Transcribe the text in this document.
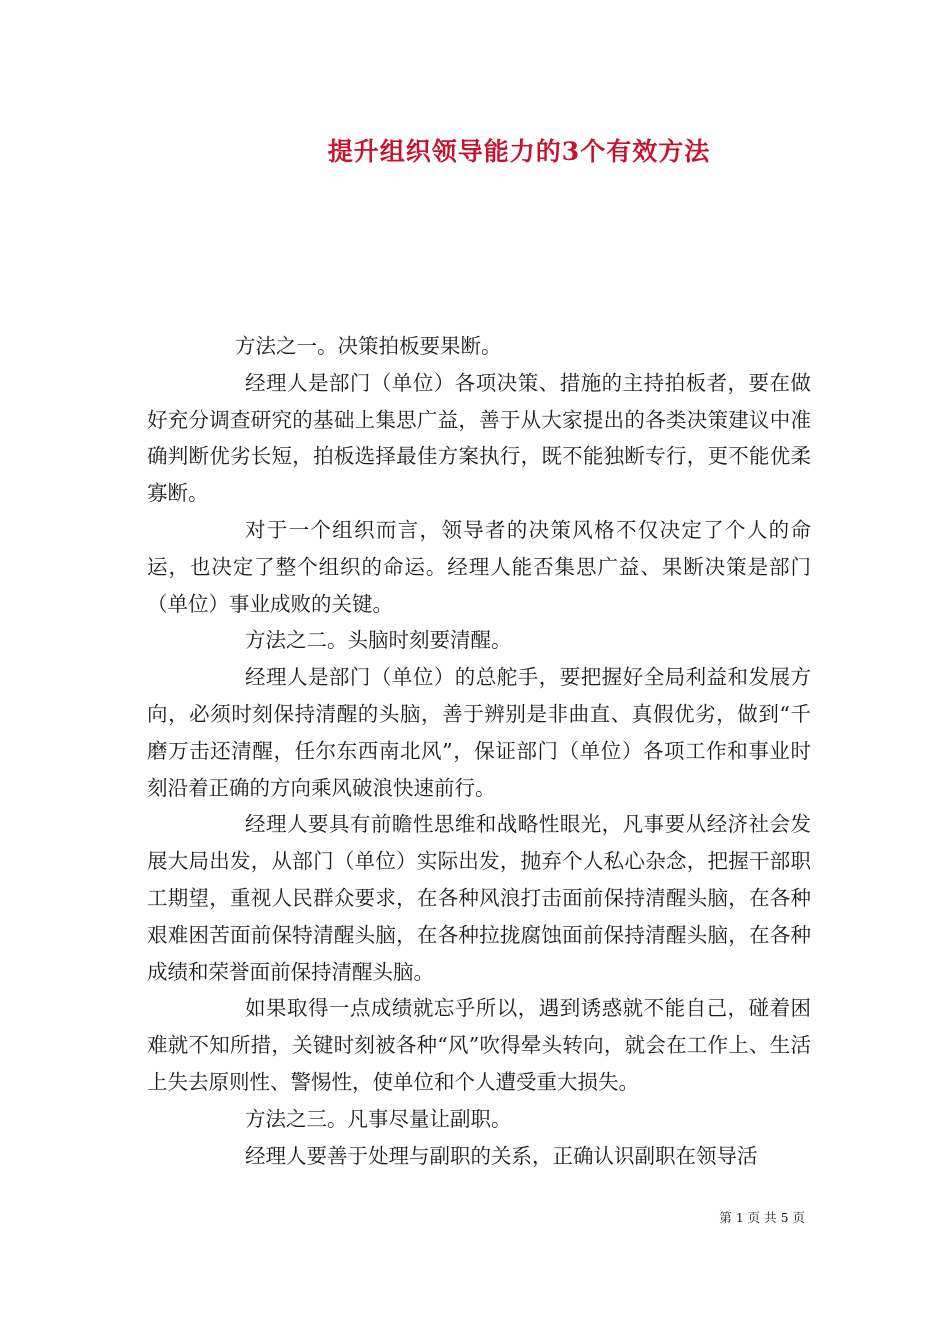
提升组织领导能力的3个有效方法

方法之一。决策拍板要果断。

经理人是部门（单位）各项决策、措施的主持拍板者，要在做好充分调查研究的基础上集思广益，善于从大家提出的各类决策建议中准确判断优劣长短，拍板选择最佳方案执行，既不能独断专行，更不能优柔寡断。

对于一个组织而言，领导者的决策风格不仅决定了个人的命运，也决定了整个组织的命运。经理人能否集思广益、果断决策是部门（单位）事业成败的关键。

方法之二。头脑时刻要清醒。

经理人是部门（单位）的总舵手，要把握好全局利益和发展方向，必须时刻保持清醒的头脑，善于辨别是非曲直、真假优劣，做到“千磨万击还清醒，任尔东西南北风”，保证部门（单位）各项工作和事业时刻沿着正确的方向乘风破浪快速前行。

经理人要具有前瞻性思维和战略性眼光，凡事要从经济社会发展大局出发，从部门（单位）实际出发，抛弃个人私心杂念，把握干部职工期望，重视人民群众要求，在各种风浪打击面前保持清醒头脑，在各种艰难困苦面前保特清醒头脑，在各种拉拢腐蚀面前保持清醒头脑，在各种成绩和荣誉面前保持清醒头脑。

如果取得一点成绩就忘乎所以，遇到诱惑就不能自己，碰着困难就不知所措，关键时刻被各种“风”吹得晕头转向，就会在工作上、生活上失去原则性、警惕性，使单位和个人遭受重大损失。

方法之三。凡事尽量让副职。

经理人要善于处理与副职的关系，正确认识副职在领导活

第 1 页 共 5 页
